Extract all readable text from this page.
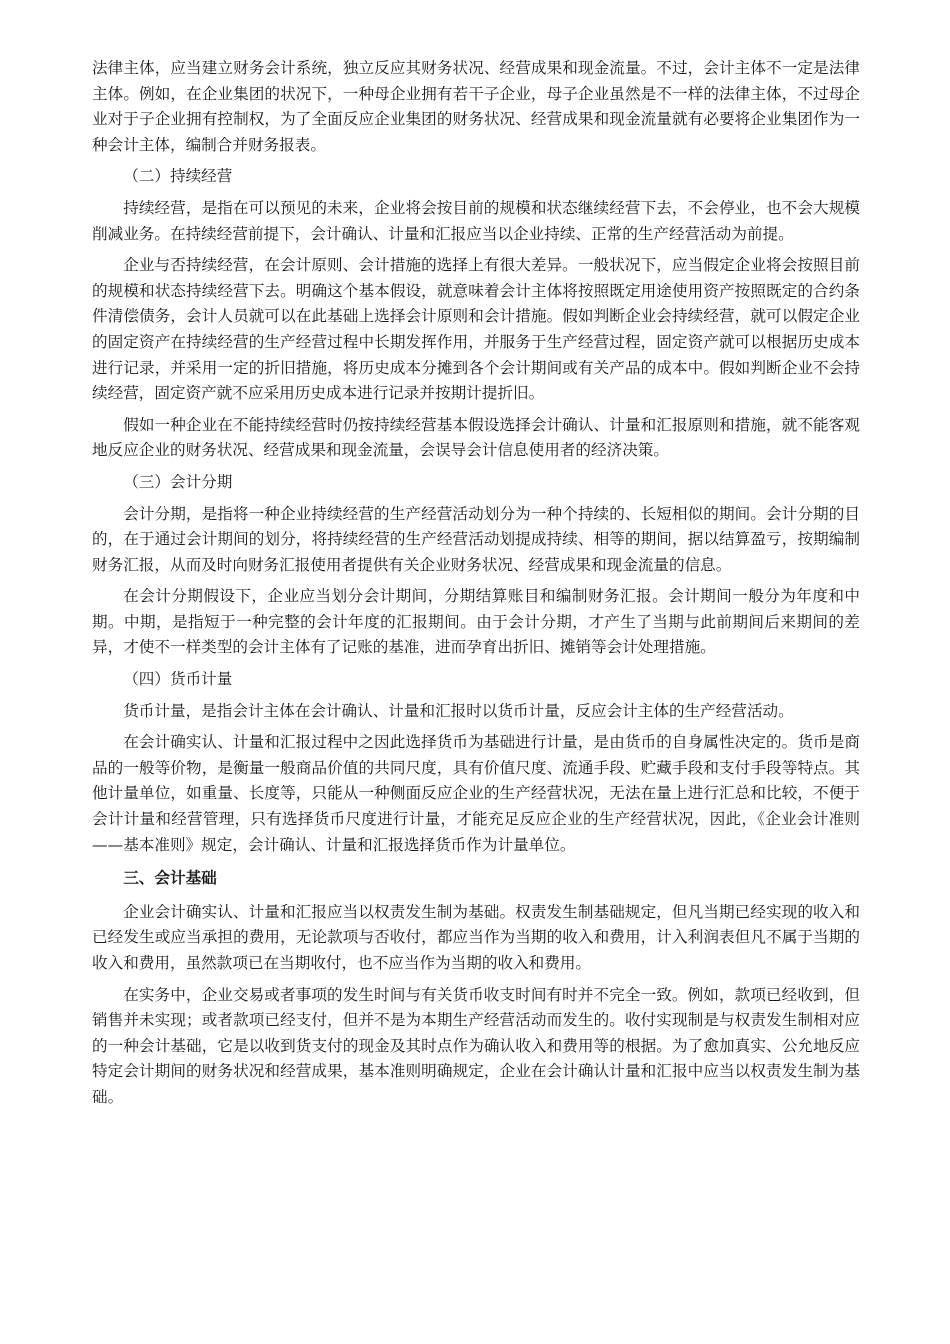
法律主体，应当建立财务会计系统，独立反应其财务状况、经营成果和现金流量。不过，会计主体不一定是法律主体。例如，在企业集团的状况下，一种母企业拥有若干子企业，母子企业虽然是不一样的法律主体，不过母企业对于子企业拥有控制权，为了全面反应企业集团的财务状况、经营成果和现金流量就有必要将企业集团作为一种会计主体，编制合并财务报表。

（二）持续经营

持续经营，是指在可以预见的未来，企业将会按目前的规模和状态继续经营下去，不会停业，也不会大规模削减业务。在持续经营前提下，会计确认、计量和汇报应当以企业持续、正常的生产经营活动为前提。

企业与否持续经营，在会计原则、会计措施的选择上有很大差异。一般状况下，应当假定企业将会按照目前的规模和状态持续经营下去。明确这个基本假设，就意味着会计主体将按照既定用途使用资产按照既定的合约条件清偿债务，会计人员就可以在此基础上选择会计原则和会计措施。假如判断企业会持续经营，就可以假定企业的固定资产在持续经营的生产经营过程中长期发挥作用，并服务于生产经营过程，固定资产就可以根据历史成本进行记录，并采用一定的折旧措施，将历史成本分摊到各个会计期间或有关产品的成本中。假如判断企业不会持续经营，固定资产就不应采用历史成本进行记录并按期计提折旧。

假如一种企业在不能持续经营时仍按持续经营基本假设选择会计确认、计量和汇报原则和措施，就不能客观地反应企业的财务状况、经营成果和现金流量，会误导会计信息使用者的经济决策。

（三）会计分期

会计分期，是指将一种企业持续经营的生产经营活动划分为一种个持续的、长短相似的期间。会计分期的目的，在于通过会计期间的划分，将持续经营的生产经营活动划提成持续、相等的期间，据以结算盈亏，按期编制财务汇报，从而及时向财务汇报使用者提供有关企业财务状况、经营成果和现金流量的信息。

在会计分期假设下，企业应当划分会计期间，分期结算账目和编制财务汇报。会计期间一般分为年度和中期。中期，是指短于一种完整的会计年度的汇报期间。由于会计分期，才产生了当期与此前期间后来期间的差异，才使不一样类型的会计主体有了记账的基准，进而孕育出折旧、摊销等会计处理措施。

（四）货币计量

货币计量，是指会计主体在会计确认、计量和汇报时以货币计量，反应会计主体的生产经营活动。

在会计确实认、计量和汇报过程中之因此选择货币为基础进行计量，是由货币的自身属性决定的。货币是商品的一般等价物，是衡量一般商品价值的共同尺度，具有价值尺度、流通手段、贮藏手段和支付手段等特点。其他计量单位，如重量、长度等，只能从一种侧面反应企业的生产经营状况，无法在量上进行汇总和比较，不便于会计计量和经营管理，只有选择货币尺度进行计量，才能充足反应企业的生产经营状况，因此，《企业会计准则——基本准则》规定，会计确认、计量和汇报选择货币作为计量单位。

三、会计基础

企业会计确实认、计量和汇报应当以权责发生制为基础。权责发生制基础规定，但凡当期已经实现的收入和已经发生或应当承担的费用，无论款项与否收付，都应当作为当期的收入和费用，计入利润表但凡不属于当期的收入和费用，虽然款项已在当期收付，也不应当作为当期的收入和费用。

在实务中，企业交易或者事项的发生时间与有关货币收支时间有时并不完全一致。例如，款项已经收到，但销售并未实现；或者款项已经支付，但并不是为本期生产经营活动而发生的。收付实现制是与权责发生制相对应的一种会计基础，它是以收到货支付的现金及其时点作为确认收入和费用等的根据。为了愈加真实、公允地反应特定会计期间的财务状况和经营成果，基本准则明确规定，企业在会计确认计量和汇报中应当以权责发生制为基础。
